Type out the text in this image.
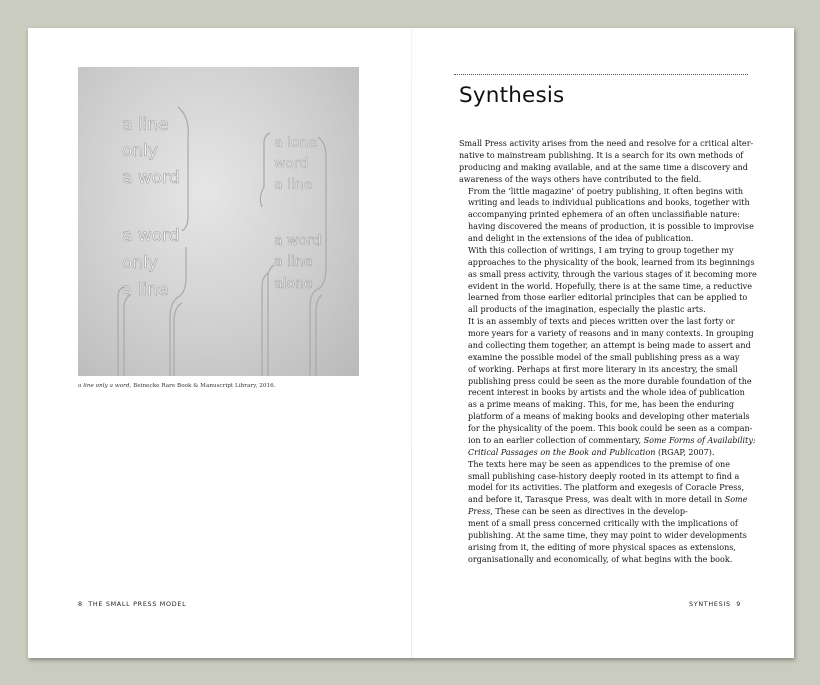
a line
only
a word
a word
only
a line
a lone
word
a line
a word
a line
alone
a line only a word, Beinecke Rare Book & Manuscript Library, 2016.
8 THE SMALL PRESS MODEL
Synthesis

Small Press activity arises from the need and resolve for a critical alter-
native to mainstream publishing. It is a search for its own methods of
producing and making available, and at the same time a discovery and
awareness of the ways others have contributed to the field.

From the ‘little magazine’ of poetry publishing, it often begins with
writing and leads to individual publications and books, together with
accompanying printed ephemera of an often unclassifiable nature:
having discovered the means of production, it is possible to improvise
and delight in the extensions of the idea of publication.

With this collection of writings, I am trying to group together my
approaches to the physicality of the book, learned from its beginnings
as small press activity, through the various stages of it becoming more
evident in the world. Hopefully, there is at the same time, a reductive
learned from those earlier editorial principles that can be applied to
all products of the imagination, especially the plastic arts.

It is an assembly of texts and pieces written over the last forty or
more years for a variety of reasons and in many contexts. In grouping
and collecting them together, an attempt is being made to assert and
examine the possible model of the small publishing press as a way
of working. Perhaps at first more literary in its ancestry, the small
publishing press could be seen as the more durable foundation of the
recent interest in books by artists and the whole idea of publication
as a prime means of making. This, for me, has been the enduring
platform of a means of making books and developing other materials
for the physicality of the poem. This book could be seen as a compan-
ion to an earlier collection of commentary, Some Forms of Availability:
Critical Passages on the Book and Publication (RGAP, 2007).

The texts here may be seen as appendices to the premise of one
small publishing case-history deeply rooted in its attempt to find a
model for its activities. The platform and exegesis of Coracle Press,
and before it, Tarasque Press, was dealt with in more detail in Some
Press, These can be seen as directives in the develop-
ment of a small press concerned critically with the implications of
publishing. At the same time, they may point to wider developments
arising from it, the editing of more physical spaces as extensions,
organisationally and economically, of what begins with the book.

SYNTHESIS 9
